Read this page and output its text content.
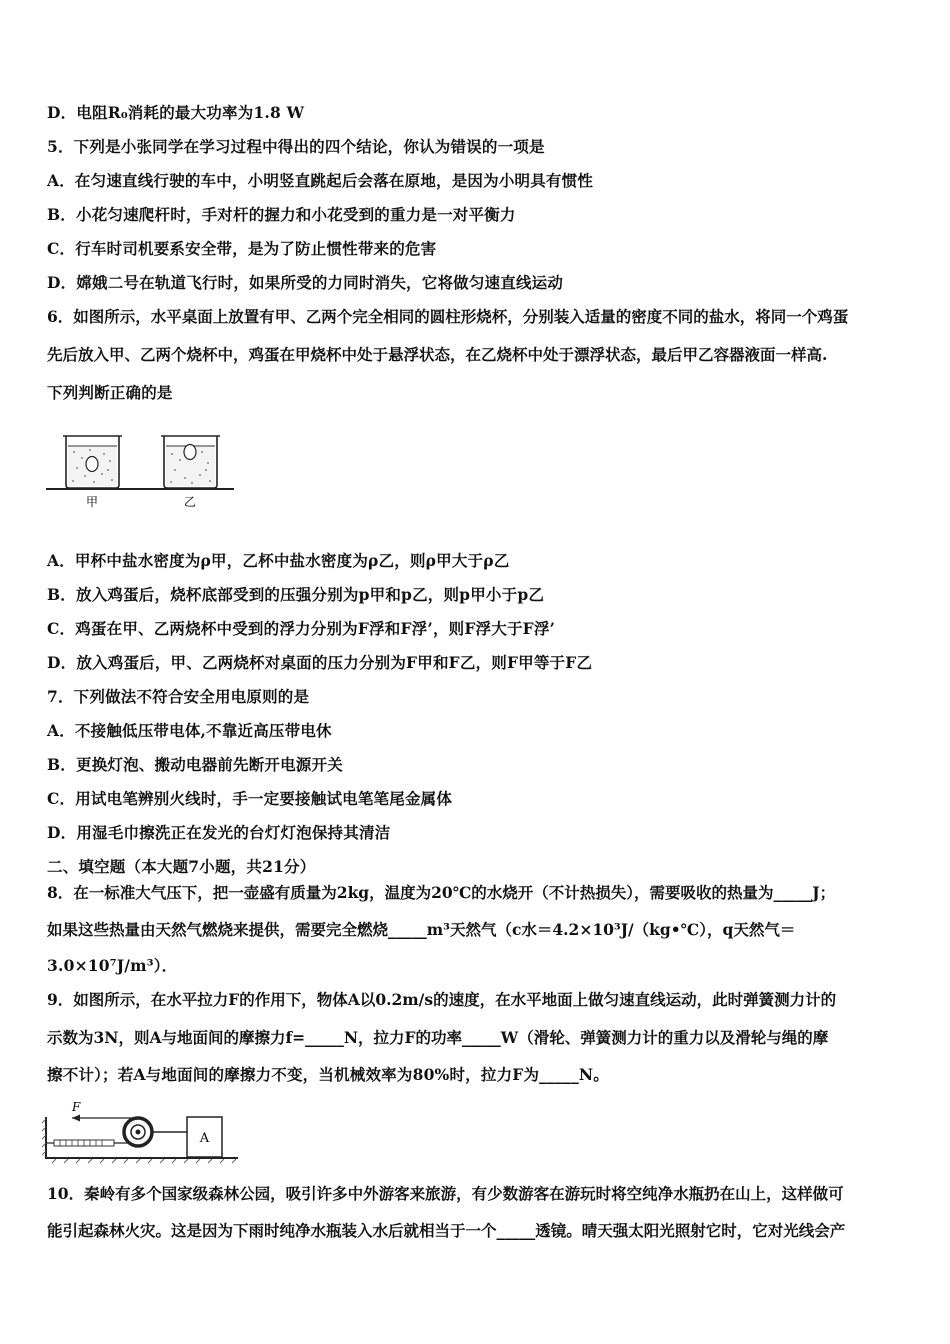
D．电阻R₀消耗的最大功率为1.8 W
5．下列是小张同学在学习过程中得出的四个结论，你认为错误的一项是
A．在匀速直线行驶的车中，小明竖直跳起后会落在原地，是因为小明具有惯性
B．小花匀速爬杆时，手对杆的握力和小花受到的重力是一对平衡力
C．行车时司机要系安全带，是为了防止惯性带来的危害
D．嫦娥二号在轨道飞行时，如果所受的力同时消失，它将做匀速直线运动
6．如图所示，水平桌面上放置有甲、乙两个完全相同的圆柱形烧杯，分别装入适量的密度不同的盐水，将同一个鸡蛋
先后放入甲、乙两个烧杯中，鸡蛋在甲烧杯中处于悬浮状态，在乙烧杯中处于漂浮状态，最后甲乙容器液面一样高.
下列判断正确的是
甲	乙
A．甲杯中盐水密度为ρ甲，乙杯中盐水密度为ρ乙，则ρ甲大于ρ乙
B．放入鸡蛋后，烧杯底部受到的压强分别为p甲和p乙，则p甲小于p乙
C．鸡蛋在甲、乙两烧杯中受到的浮力分别为F浮和F浮’，则F浮大于F浮’
D．放入鸡蛋后，甲、乙两烧杯对桌面的压力分别为F甲和F乙，则F甲等于F乙
7．下列做法不符合安全用电原则的是
A．不接触低压带电体,不靠近高压带电休
B．更换灯泡、搬动电器前先断开电源开关
C．用试电笔辨别火线时，手一定要接触试电笔笔尾金属体
D．用湿毛巾擦洗正在发光的台灯灯泡保持其清洁
二、填空题（本大题7小题，共21分）
8．在一标准大气压下，把一壶盛有质量为2kg，温度为20℃的水烧开（不计热损失），需要吸收的热量为_____J；
如果这些热量由天然气燃烧来提供，需要完全燃烧_____m³天然气（c水＝4.2×10³J/（kg•℃），q天然气＝
3.0×10⁷J/m³）．
9．如图所示，在水平拉力F的作用下，物体A以0.2m/s的速度，在水平地面上做匀速直线运动，此时弹簧测力计的
示数为3N，则A与地面间的摩擦力f=_____N，拉力F的功率_____W（滑轮、弹簧测力计的重力以及滑轮与绳的摩
擦不计）；若A与地面间的摩擦力不变，当机械效率为80%时，拉力F为_____N。
F
A
10．秦岭有多个国家级森林公园，吸引许多中外游客来旅游，有少数游客在游玩时将空纯净水瓶扔在山上，这样做可
能引起森林火灾。这是因为下雨时纯净水瓶装入水后就相当于一个_____透镜。晴天强太阳光照射它时，它对光线会产
